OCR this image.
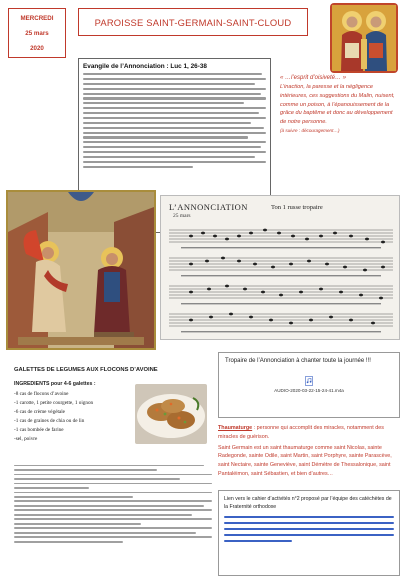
MERCREDI
25 mars
2020
PAROISSE SAINT-GERMAIN-SAINT-CLOUD
Evangile de l’Annonciation : Luc 1, 26-38
« …l’esprit d’oisiveté… »
L’inaction, la paresse et la négligence intérieures, ces suggestions du Malin, nuisent, comme un poison, à l’épanouissement de la grâce du baptême et donc au développement de notre personne.
(à suivre : découragement…)
L’ANNONCIATION
25 mars
Ton 1 russe tropaire
GALETTES DE LEGUMES AUX FLOCONS D’AVOINE
INGREDIENTS pour 4-6 galettes :
-8 cas de flocons d’avoine
-1 carotte, 1 petite courgette, 1 oignon
-6 cas de crème végétale
-1 cas de graines de chia ou de lin
-1 cas bombée de farine
-sel, poivre
Tropaire de l’Annonciation à chanter toute la journée !!!
AUDIO-2020-03-22-15-24-41.m4a
Thaumaturge : personne qui accomplit des miracles, notamment des miracles de guérison.
Saint Germain est un saint thaumaturge comme saint Nicolas, sainte Radegonde, sainte Odile, saint Martin, saint Porphyre, sainte Parascève, saint Nectaire, sainte Geneviève, saint Démètre de Thessalonique, saint Pantaléimon, saint Sébastien, et bien d’autres…
Lien vers le cahier d’activités n°2 proposé par l’équipe des catéchètes de la Fraternité orthodoxe
